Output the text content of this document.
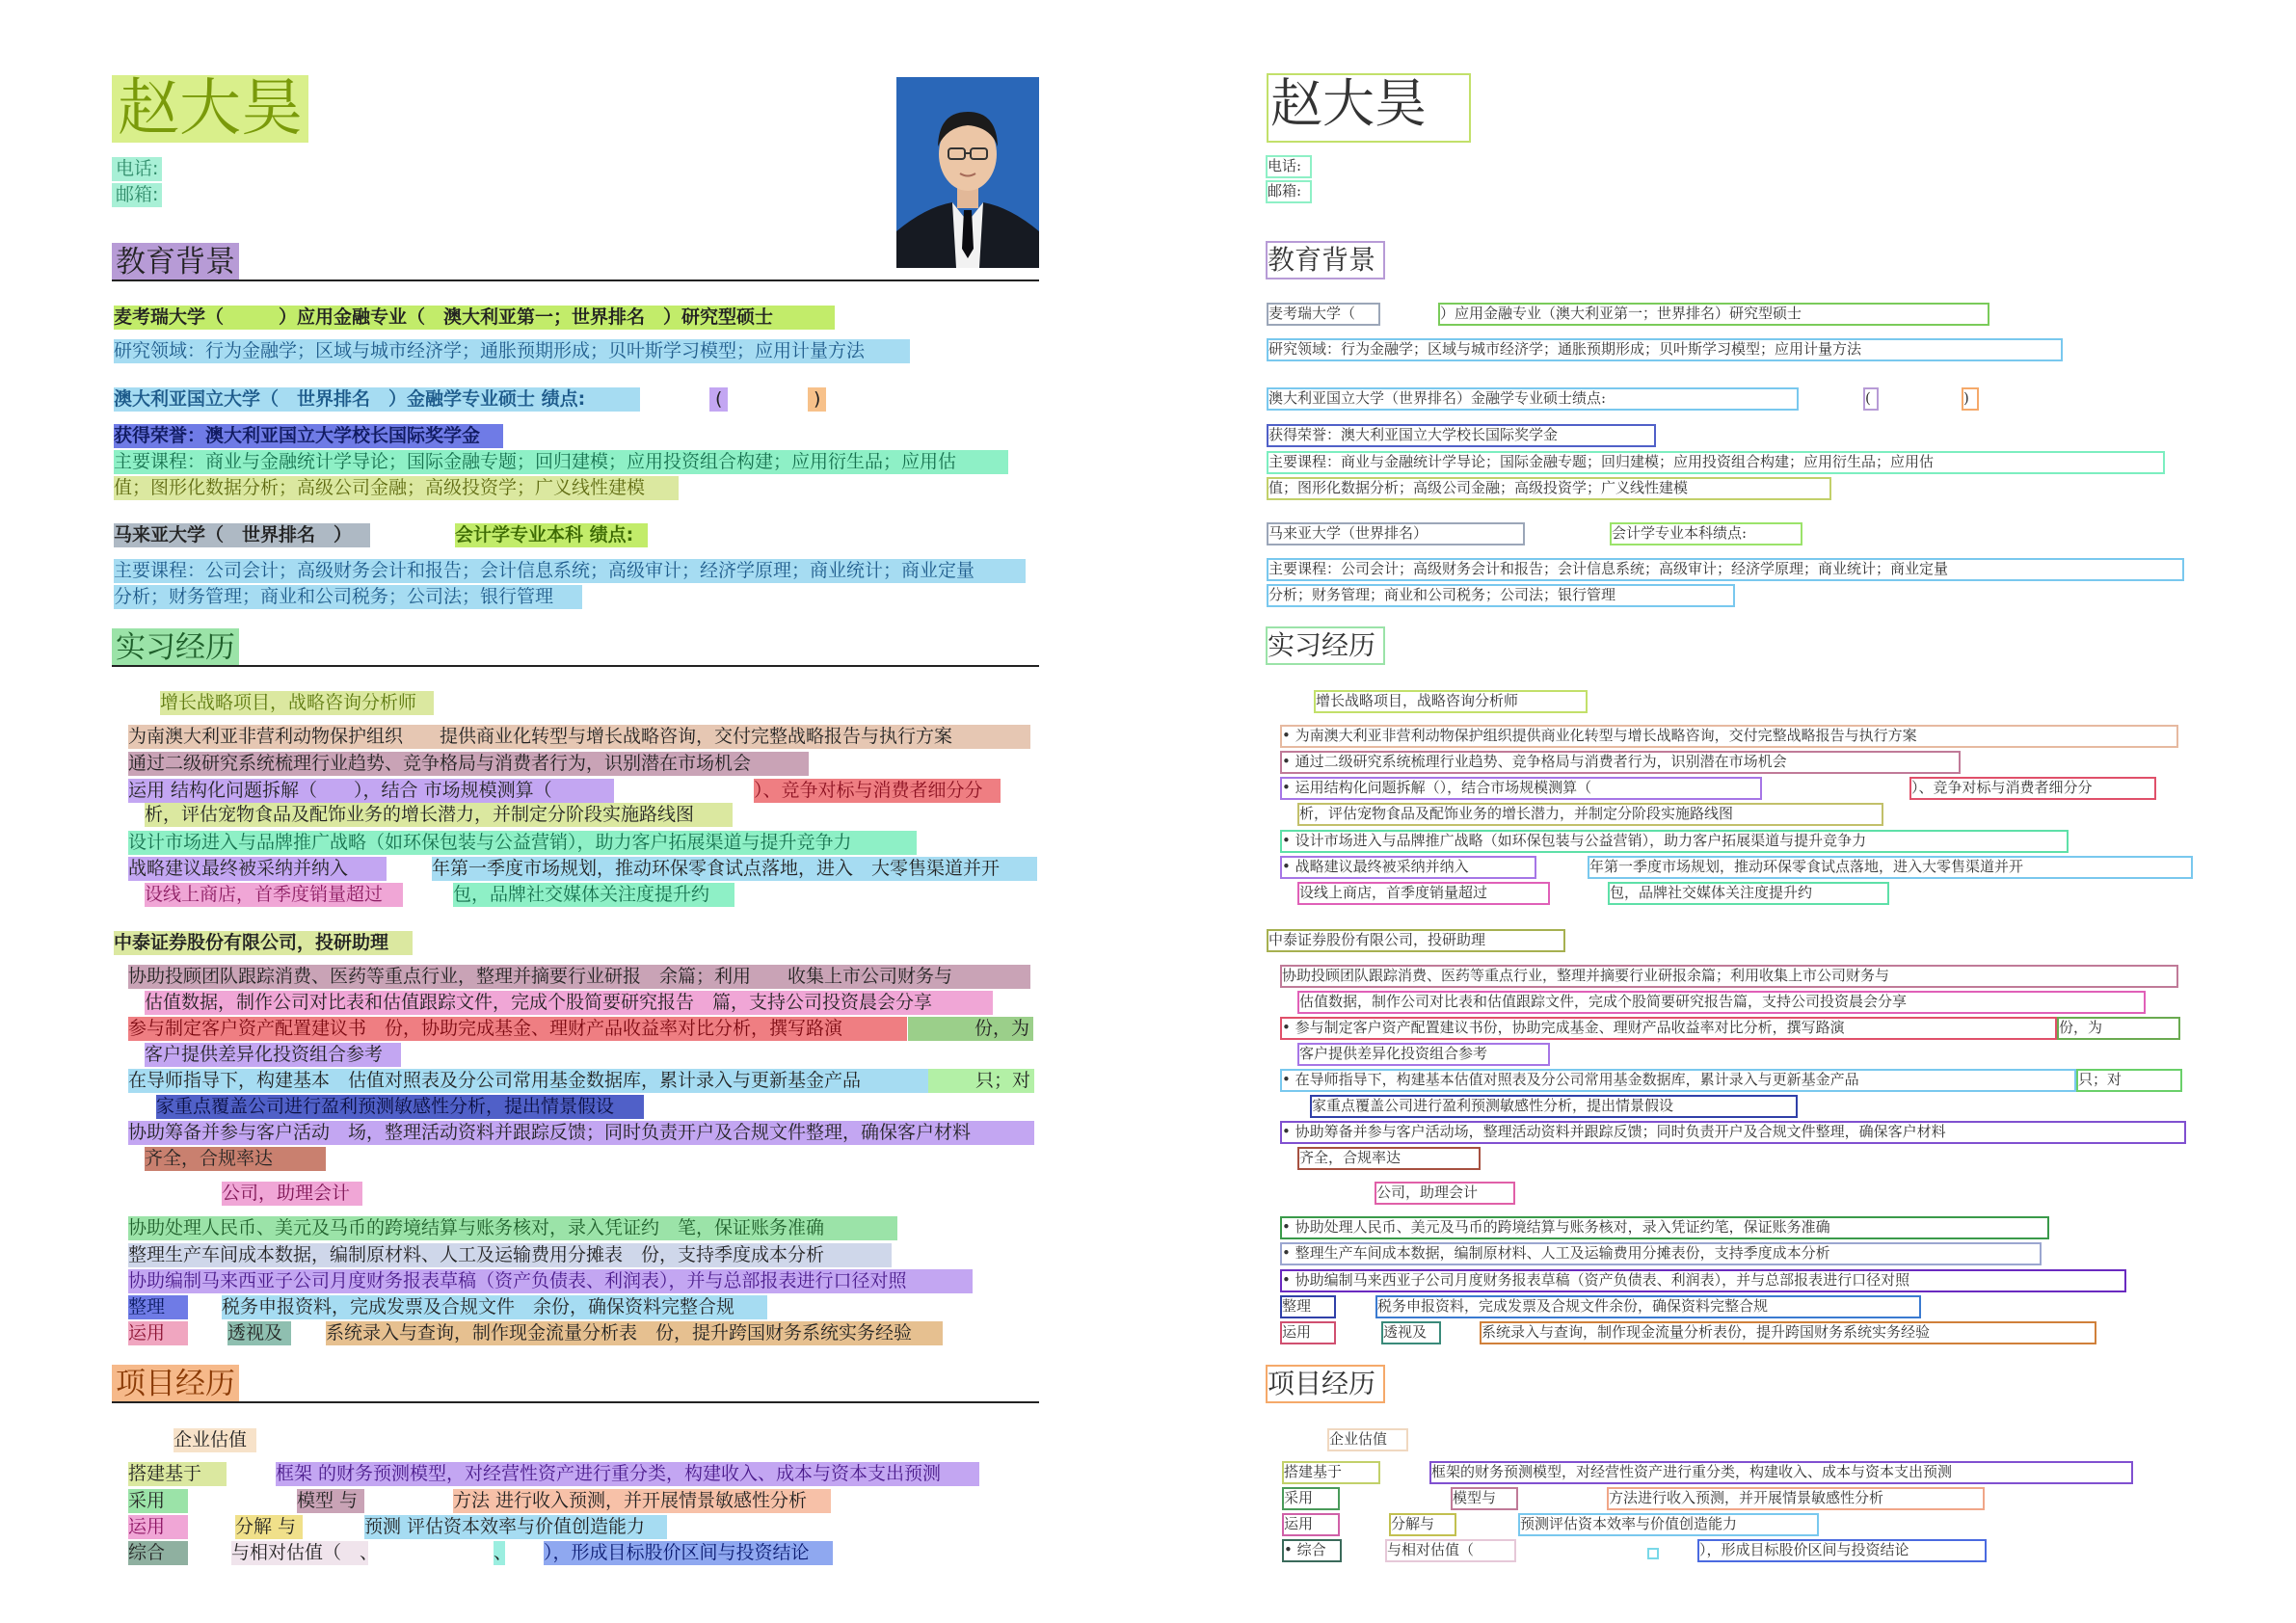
赵大昊
电话:
邮箱:
教育背景
麦考瑞大学（　　　）应用金融专业（　澳大利亚第一；世界排名　）研究型硕士
研究领域：行为金融学；区域与城市经济学；通胀预期形成；贝叶斯学习模型；应用计量方法
澳大利亚国立大学（　世界排名　）金融学专业硕士 绩点:	(	)
获得荣誉：澳大利亚国立大学校长国际奖学金
主要课程：商业与金融统计学导论；国际金融专题；回归建模；应用投资组合构建；应用衍生品；应用估
值；图形化数据分析；高级公司金融；高级投资学；广义线性建模
马来亚大学（　世界排名　）	会计学专业本科 绩点:
主要课程：公司会计；高级财务会计和报告；会计信息系统；高级审计；经济学原理；商业统计；商业定量
分析；财务管理；商业和公司税务；公司法；银行管理
实习经历
增长战略项目，战略咨询分析师
为南澳大利亚非营利动物保护组织　　提供商业化转型与增长战略咨询，交付完整战略报告与执行方案
通过二级研究系统梳理行业趋势、竞争格局与消费者行为，识别潜在市场机会
运用 结构化问题拆解（　　），结合 市场规模测算（	）、竞争对标与消费者细分分
析，评估宠物食品及配饰业务的增长潜力，并制定分阶段实施路线图
设计市场进入与品牌推广战略（如环保包装与公益营销），助力客户拓展渠道与提升竞争力
战略建议最终被采纳并纳入	年第一季度市场规划，推动环保零食试点落地，进入　大零售渠道并开
设线上商店，首季度销量超过	包，品牌社交媒体关注度提升约
中泰证券股份有限公司，投研助理
协助投顾团队跟踪消费、医药等重点行业，整理并摘要行业研报　余篇；利用　　收集上市公司财务与
估值数据，制作公司对比表和估值跟踪文件，完成个股简要研究报告　篇，支持公司投资晨会分享
参与制定客户资产配置建议书　份，协助完成基金、理财产品收益率对比分析，撰写路演	份，为
客户提供差异化投资组合参考
在导师指导下，构建基本　估值对照表及分公司常用基金数据库，累计录入与更新基金产品	只；对
家重点覆盖公司进行盈利预测敏感性分析，提出情景假设
协助筹备并参与客户活动　场，整理活动资料并跟踪反馈；同时负责开户及合规文件整理，确保客户材料
齐全，合规率达
公司，助理会计
协助处理人民币、美元及马币的跨境结算与账务核对，录入凭证约　笔，保证账务准确
整理生产车间成本数据，编制原材料、人工及运输费用分摊表　份，支持季度成本分析
协助编制马来西亚子公司月度财务报表草稿（资产负债表、利润表），并与总部报表进行口径对照
整理	税务申报资料，完成发票及合规文件　余份，确保资料完整合规
运用	透视及	系统录入与查询，制作现金流量分析表　份，提升跨国财务系统实务经验
项目经历
企业估值
搭建基于	框架 的财务预测模型，对经营性资产进行重分类，构建收入、成本与资本支出预测
采用	模型 与	方法 进行收入预测，并开展情景敏感性分析
运用	分解 与	预测 评估资本效率与价值创造能力
综合	与相对估值（　、	、 ），形成目标股价区间与投资结论
赵大昊
电话:
邮箱:
教育背景
麦考瑞大学（	）应用金融专业（澳大利亚第一；世界排名）研究型硕士
研究领域：行为金融学；区域与城市经济学；通胀预期形成；贝叶斯学习模型；应用计量方法
澳大利亚国立大学（世界排名）金融学专业硕士绩点:	(	)
获得荣誉：澳大利亚国立大学校长国际奖学金
主要课程：商业与金融统计学导论；国际金融专题；回归建模；应用投资组合构建；应用衍生品；应用估
值；图形化数据分析；高级公司金融；高级投资学；广义线性建模
马来亚大学（世界排名）	会计学专业本科绩点:
主要课程：公司会计；高级财务会计和报告；会计信息系统；高级审计；经济学原理；商业统计；商业定量
分析；财务管理；商业和公司税务；公司法；银行管理
实习经历
增长战略项目，战略咨询分析师
• 为南澳大利亚非营利动物保护组织提供商业化转型与增长战略咨询，交付完整战略报告与执行方案
• 通过二级研究系统梳理行业趋势、竞争格局与消费者行为，识别潜在市场机会
• 运用结构化问题拆解（），结合市场规模测算（	）、竞争对标与消费者细分分
析，评估宠物食品及配饰业务的增长潜力，并制定分阶段实施路线图
• 设计市场进入与品牌推广战略（如环保包装与公益营销），助力客户拓展渠道与提升竞争力
• 战略建议最终被采纳并纳入	年第一季度市场规划，推动环保零食试点落地，进入大零售渠道并开
设线上商店，首季度销量超过	包，品牌社交媒体关注度提升约
中泰证券股份有限公司，投研助理
协助投顾团队跟踪消费、医药等重点行业，整理并摘要行业研报余篇；利用收集上市公司财务与
估值数据，制作公司对比表和估值跟踪文件，完成个股简要研究报告篇，支持公司投资晨会分享
• 参与制定客户资产配置建议书份，协助完成基金、理财产品收益率对比分析，撰写路演	份，为
客户提供差异化投资组合参考
• 在导师指导下，构建基本估值对照表及分公司常用基金数据库，累计录入与更新基金产品	只；对
家重点覆盖公司进行盈利预测敏感性分析，提出情景假设
• 协助筹备并参与客户活动场，整理活动资料并跟踪反馈；同时负责开户及合规文件整理，确保客户材料
齐全，合规率达
公司，助理会计
• 协助处理人民币、美元及马币的跨境结算与账务核对，录入凭证约笔，保证账务准确
• 整理生产车间成本数据，编制原材料、人工及运输费用分摊表份，支持季度成本分析
• 协助编制马来西亚子公司月度财务报表草稿（资产负债表、利润表），并与总部报表进行口径对照
整理	税务申报资料，完成发票及合规文件余份，确保资料完整合规
运用	透视及	系统录入与查询，制作现金流量分析表份，提升跨国财务系统实务经验
项目经历
企业估值
搭建基于	框架的财务预测模型，对经营性资产进行重分类，构建收入、成本与资本支出预测
采用	模型与	方法进行收入预测，并开展情景敏感性分析
运用	分解与	预测评估资本效率与价值创造能力
• 综合	与相对估值（	），形成目标股价区间与投资结论
